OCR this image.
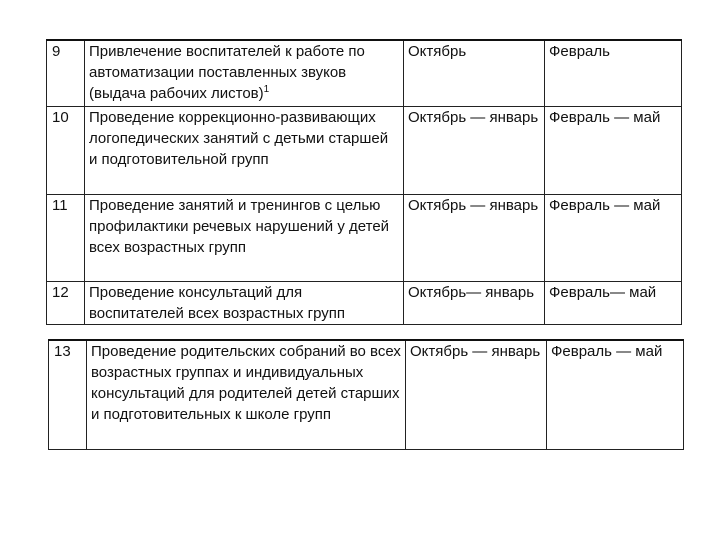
9	Привлечение воспитателей к работе по автоматизации поставленных звуков (выдача рабочих листов)$^1$	Октябрь	Февраль
10	Проведение коррекционно-развивающих логопедических занятий с детьми старшей и подготовительной групп	Октябрь — январь	Февраль — май
11	Проведение занятий и тренингов с целью профилактики речевых нарушений у детей всех возрастных групп	Октябрь — январь	Февраль — май
12	Проведение консультаций для воспитателей всех возрастных групп	Октябрь— январь	Февраль— май
13	Проведение родительских собраний во всех возрастных группах и индивидуальных консультаций для родителей детей старших и подготовительных к школе групп	Октябрь — январь	Февраль — май
